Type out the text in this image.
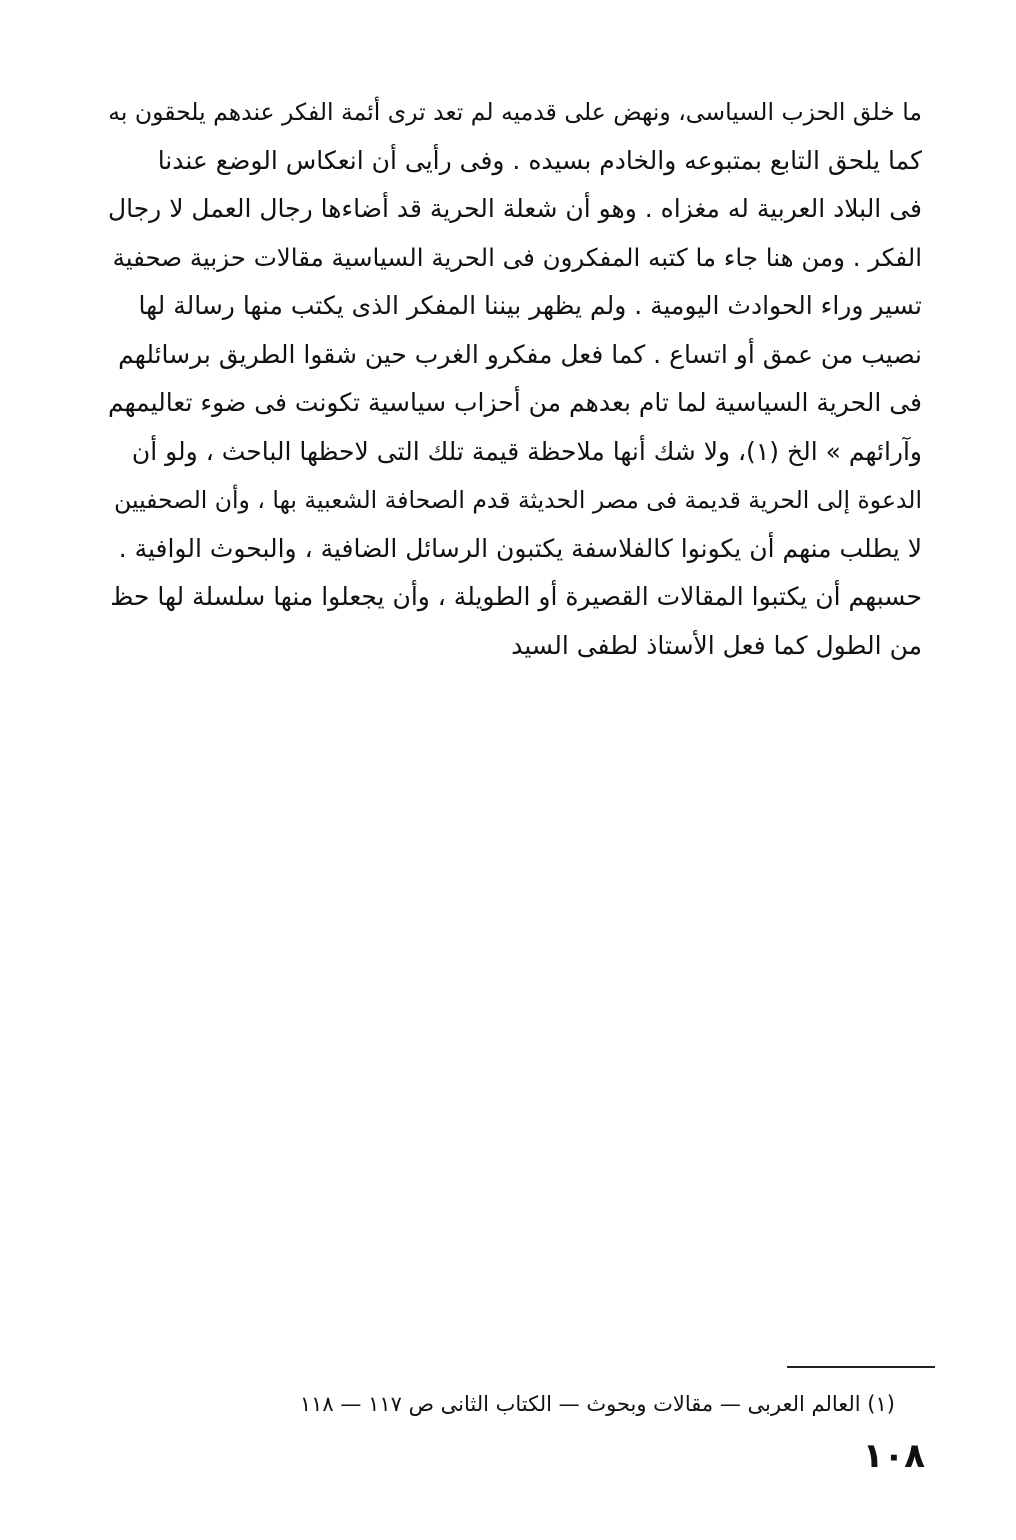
ما خلق الحزب السياسى، ونهض على قدميه لم تعد ترى أئمة الفكر عندهم يلحقون به
كما يلحق التابع بمتبوعه والخادم بسيده . وفى رأيى أن انعكاس الوضع عندنا
فى البلاد العربية له مغزاه . وهو أن شعلة الحرية قد أضاءها رجال العمل لا رجال
الفكر . ومن هنا جاء ما كتبه المفكرون فى الحرية السياسية مقالات حزبية صحفية
تسير وراء الحوادث اليومية . ولم يظهر بيننا المفكر الذى يكتب منها رسالة لها
نصيب من عمق أو اتساع . كما فعل مفكرو الغرب حين شقوا الطريق برسائلهم
فى الحرية السياسية لما تام بعدهم من أحزاب سياسية تكونت فى ضوء تعاليمهم
وآرائهم » الخ (١)، ولا شك أنها ملاحظة قيمة تلك التى لاحظها الباحث ، ولو أن
الدعوة إلى الحرية قديمة فى مصر الحديثة قدم الصحافة الشعبية بها ، وأن الصحفيين
لا يطلب منهم أن يكونوا كالفلاسفة يكتبون الرسائل الضافية ، والبحوث الوافية .
حسبهم أن يكتبوا المقالات القصيرة أو الطويلة ، وأن يجعلوا منها سلسلة لها حظ
من الطول كما فعل الأستاذ لطفى السيد
(١) العالم العربى — مقالات وبحوث — الكتاب الثانى ص ١١٧ — ١١٨
١٠٨
